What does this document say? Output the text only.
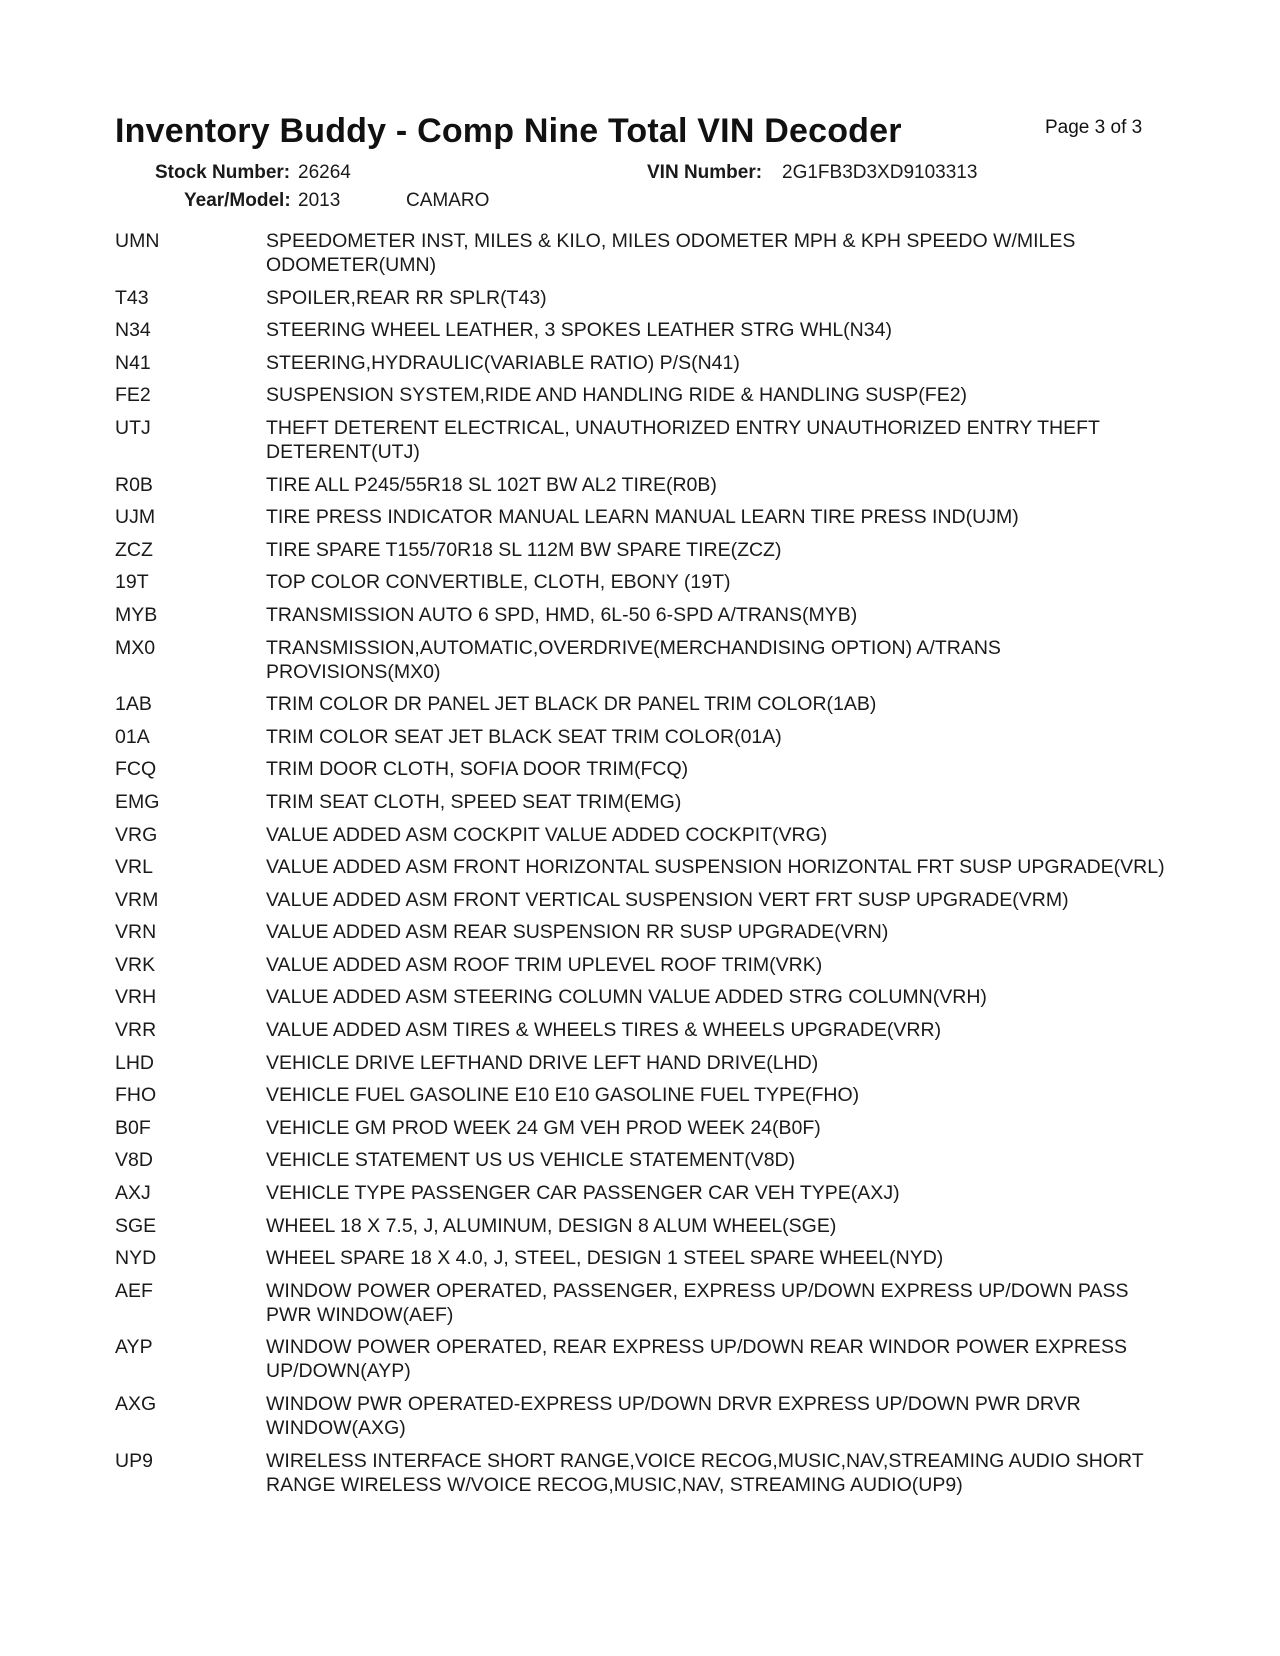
Inventory Buddy - Comp Nine Total VIN Decoder	Page 3 of 3
Stock Number: 26264	VIN Number: 2G1FB3D3XD9103313
Year/Model: 2013	CAMARO
UMN	SPEEDOMETER INST, MILES & KILO, MILES ODOMETER MPH & KPH SPEEDO W/MILES ODOMETER(UMN)
T43	SPOILER,REAR RR SPLR(T43)
N34	STEERING WHEEL LEATHER, 3 SPOKES LEATHER STRG WHL(N34)
N41	STEERING,HYDRAULIC(VARIABLE RATIO) P/S(N41)
FE2	SUSPENSION SYSTEM,RIDE AND HANDLING RIDE & HANDLING SUSP(FE2)
UTJ	THEFT DETERENT ELECTRICAL, UNAUTHORIZED ENTRY UNAUTHORIZED ENTRY THEFT DETERENT(UTJ)
R0B	TIRE ALL P245/55R18 SL 102T BW AL2 TIRE(R0B)
UJM	TIRE PRESS INDICATOR MANUAL LEARN MANUAL LEARN TIRE PRESS IND(UJM)
ZCZ	TIRE SPARE T155/70R18 SL 112M BW SPARE TIRE(ZCZ)
19T	TOP COLOR CONVERTIBLE, CLOTH, EBONY (19T)
MYB	TRANSMISSION AUTO 6 SPD, HMD, 6L-50 6-SPD A/TRANS(MYB)
MX0	TRANSMISSION,AUTOMATIC,OVERDRIVE(MERCHANDISING OPTION) A/TRANS PROVISIONS(MX0)
1AB	TRIM COLOR DR PANEL JET BLACK DR PANEL TRIM COLOR(1AB)
01A	TRIM COLOR SEAT JET BLACK SEAT TRIM COLOR(01A)
FCQ	TRIM DOOR CLOTH, SOFIA DOOR TRIM(FCQ)
EMG	TRIM SEAT CLOTH, SPEED SEAT TRIM(EMG)
VRG	VALUE ADDED ASM COCKPIT VALUE ADDED COCKPIT(VRG)
VRL	VALUE ADDED ASM FRONT HORIZONTAL SUSPENSION HORIZONTAL FRT SUSP UPGRADE(VRL)
VRM	VALUE ADDED ASM FRONT VERTICAL SUSPENSION VERT FRT SUSP UPGRADE(VRM)
VRN	VALUE ADDED ASM REAR SUSPENSION RR SUSP UPGRADE(VRN)
VRK	VALUE ADDED ASM ROOF TRIM UPLEVEL ROOF TRIM(VRK)
VRH	VALUE ADDED ASM STEERING COLUMN VALUE ADDED STRG COLUMN(VRH)
VRR	VALUE ADDED ASM TIRES & WHEELS TIRES & WHEELS UPGRADE(VRR)
LHD	VEHICLE DRIVE LEFTHAND DRIVE LEFT HAND DRIVE(LHD)
FHO	VEHICLE FUEL GASOLINE E10 E10 GASOLINE FUEL TYPE(FHO)
B0F	VEHICLE GM PROD WEEK 24 GM VEH PROD WEEK 24(B0F)
V8D	VEHICLE STATEMENT US US VEHICLE STATEMENT(V8D)
AXJ	VEHICLE TYPE PASSENGER CAR PASSENGER CAR VEH TYPE(AXJ)
SGE	WHEEL 18 X 7.5, J, ALUMINUM, DESIGN 8 ALUM WHEEL(SGE)
NYD	WHEEL SPARE 18 X 4.0, J, STEEL, DESIGN 1 STEEL SPARE WHEEL(NYD)
AEF	WINDOW POWER OPERATED, PASSENGER, EXPRESS UP/DOWN EXPRESS UP/DOWN PASS PWR WINDOW(AEF)
AYP	WINDOW POWER OPERATED, REAR EXPRESS UP/DOWN REAR WINDOR POWER EXPRESS UP/DOWN(AYP)
AXG	WINDOW PWR OPERATED-EXPRESS UP/DOWN DRVR EXPRESS UP/DOWN PWR DRVR WINDOW(AXG)
UP9	WIRELESS INTERFACE SHORT RANGE,VOICE RECOG,MUSIC,NAV,STREAMING AUDIO SHORT RANGE WIRELESS W/VOICE RECOG,MUSIC,NAV, STREAMING AUDIO(UP9)
